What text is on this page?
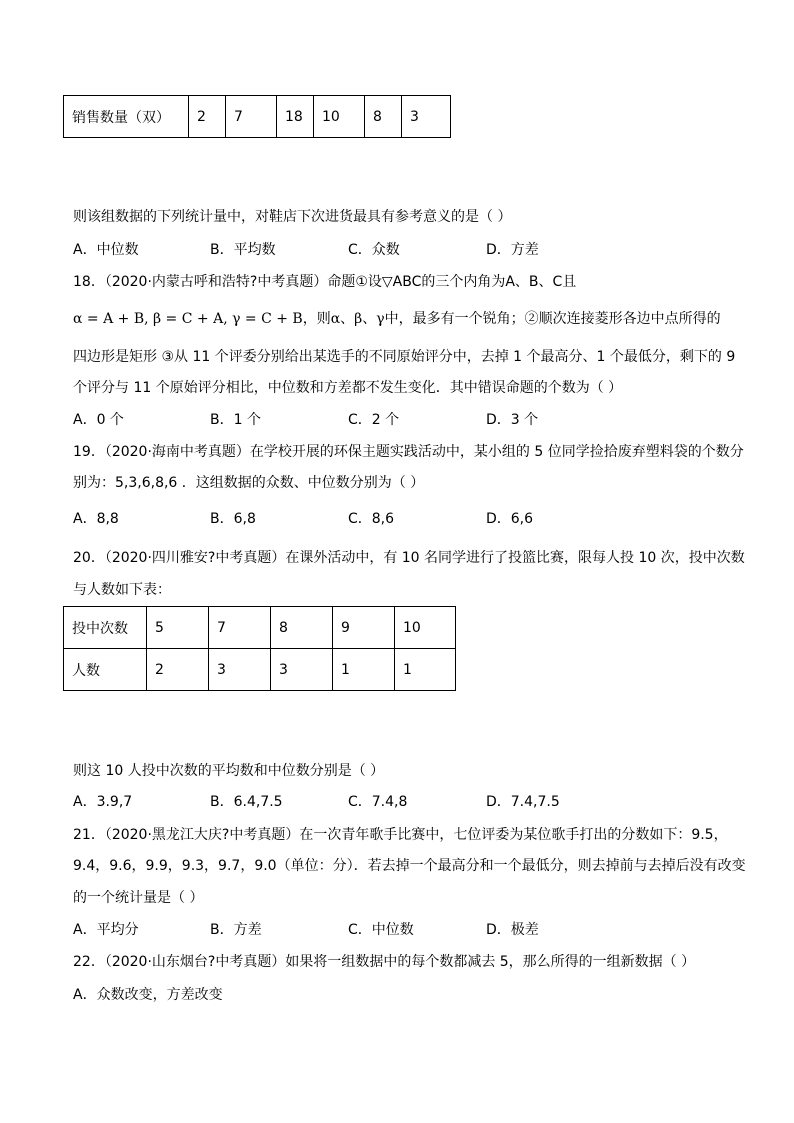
销售数量（双）	2	7	18	10	8	3
则该组数据的下列统计量中，对鞋店下次进货最具有参考意义的是（ ）
A．中位数	B．平均数	C．众数	D．方差
18．（2020·内蒙古呼和浩特?中考真题）命题①设▽ABC的三个内角为A、B、C且
α = A + B, β = C + A, γ = C + B，则α、β、γ中，最多有一个锐角；②顺次连接菱形各边中点所得的
四边形是矩形 ③从 11 个评委分别给出某选手的不同原始评分中，去掉 1 个最高分、1 个最低分，剩下的 9
个评分与 11 个原始评分相比，中位数和方差都不发生变化．其中错误命题的个数为（ ）
A．0 个	B．1 个	C．2 个	D．3 个
19．（2020·海南中考真题）在学校开展的环保主题实践活动中，某小组的 5 位同学捡拾废弃塑料袋的个数分
别为：5,3,6,8,6 ．这组数据的众数、中位数分别为（ ）
A．8,8	B．6,8	C．8,6	D．6,6
20．（2020·四川雅安?中考真题）在课外活动中，有 10 名同学进行了投篮比赛，限每人投 10 次，投中次数
与人数如下表：
投中次数	5	7	8	9	10
人数	2	3	3	1	1
则这 10 人投中次数的平均数和中位数分别是（ ）
A．3.9,7	B．6.4,7.5	C．7.4,8	D．7.4,7.5
21．（2020·黑龙江大庆?中考真题）在一次青年歌手比赛中，七位评委为某位歌手打出的分数如下：9.5，
9.4，9.6，9.9，9.3，9.7，9.0（单位：分）．若去掉一个最高分和一个最低分，则去掉前与去掉后没有改变
的一个统计量是（ ）
A．平均分	B．方差	C．中位数	D．极差
22．（2020·山东烟台?中考真题）如果将一组数据中的每个数都减去 5，那么所得的一组新数据（ ）
A．众数改变，方差改变
